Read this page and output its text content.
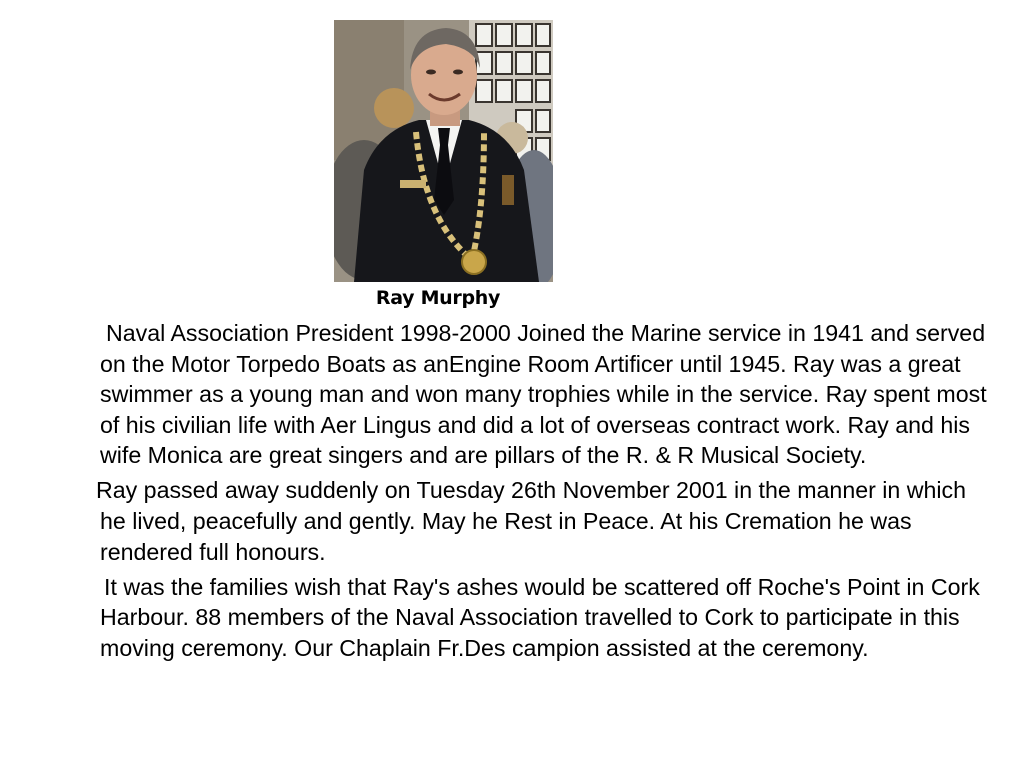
Ray Murphy

Naval Association President 1998-2000 Joined the Marine service in 1941 and served on the Motor Torpedo Boats as anEngine Room Artificer until 1945. Ray was a great swimmer as a young man and won many trophies while in the service. Ray spent most of his civilian life with Aer Lingus and did a lot of overseas contract work. Ray and his wife Monica are great singers and are pillars of the R. & R Musical Society.

Ray passed away suddenly on Tuesday 26th November 2001 in the manner in which he lived, peacefully and gently. May he Rest in Peace. At his Cremation he was rendered full honours.

It was the families wish that Ray's ashes would be scattered off Roche's Point in Cork Harbour. 88 members of the Naval Association travelled to Cork to participate in this moving ceremony. Our Chaplain Fr.Des campion assisted at the ceremony.
